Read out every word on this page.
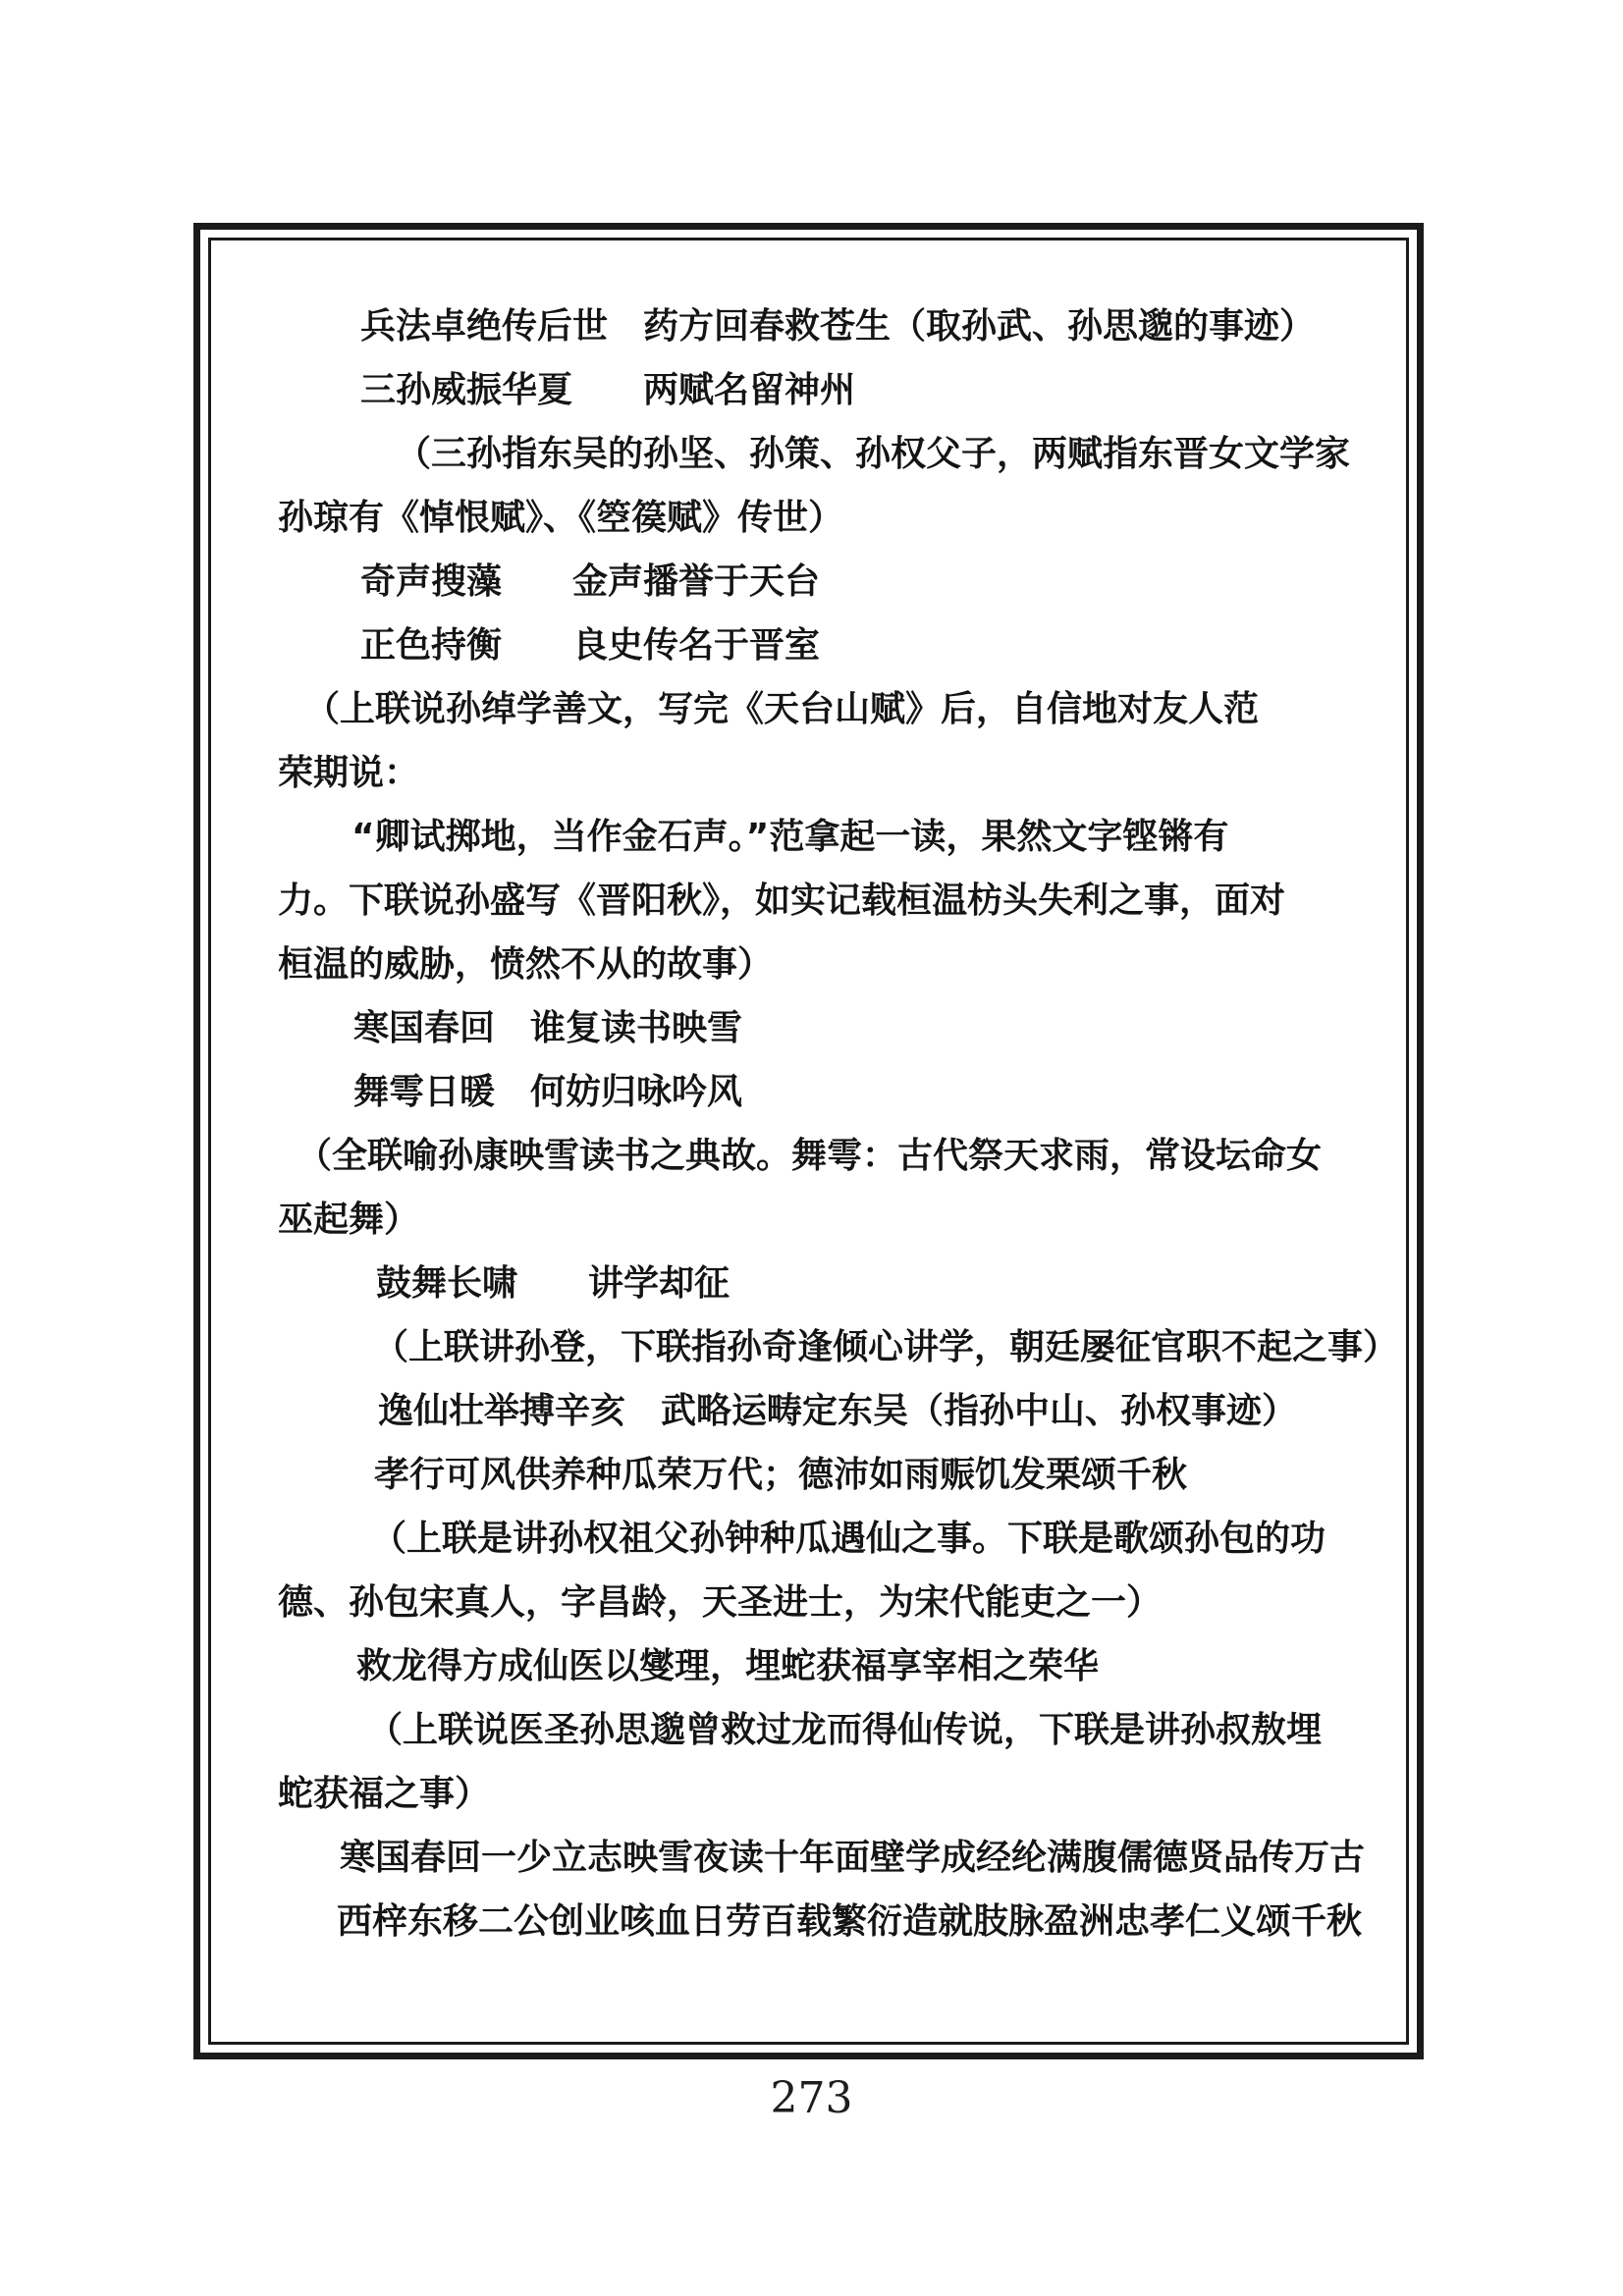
兵法卓绝传后世　药方回春救苍生（取孙武、孙思邈的事迹）
三孙威振华夏　　两赋名留神州
（三孙指东吴的孙坚、孙策、孙权父子，两赋指东晋女文学家
孙琼有《悼恨赋》、《箜篌赋》传世）
奇声搜藻　　金声播誉于天台
正色持衡　　良史传名于晋室
（上联说孙绰学善文，写完《天台山赋》后，自信地对友人范
荣期说：
“卿试掷地，当作金石声。”范拿起一读，果然文字铿锵有
力。下联说孙盛写《晋阳秋》，如实记载桓温枋头失利之事，面对
桓温的威胁，愤然不从的故事）
寒国春回　谁复读书映雪
舞雩日暖　何妨归咏吟风
（全联喻孙康映雪读书之典故。舞雩：古代祭天求雨，常设坛命女
巫起舞）
鼓舞长啸　　讲学却征
（上联讲孙登，下联指孙奇逢倾心讲学，朝廷屡征官职不起之事）
逸仙壮举搏辛亥　武略运畴定东吴（指孙中山、孙权事迹）
孝行可风供养种瓜荣万代；德沛如雨赈饥发栗颂千秋
（上联是讲孙权祖父孙钟种瓜遇仙之事。下联是歌颂孙包的功
德、孙包宋真人，字昌龄，天圣进士，为宋代能吏之一）
救龙得方成仙医以燮理，埋蛇获福享宰相之荣华
（上联说医圣孙思邈曾救过龙而得仙传说，下联是讲孙叔敖埋
蛇获福之事）
寒国春回一少立志映雪夜读十年面壁学成经纶满腹儒德贤品传万古
西梓东移二公创业咳血日劳百载繁衍造就肢脉盈洲忠孝仁义颂千秋
273
